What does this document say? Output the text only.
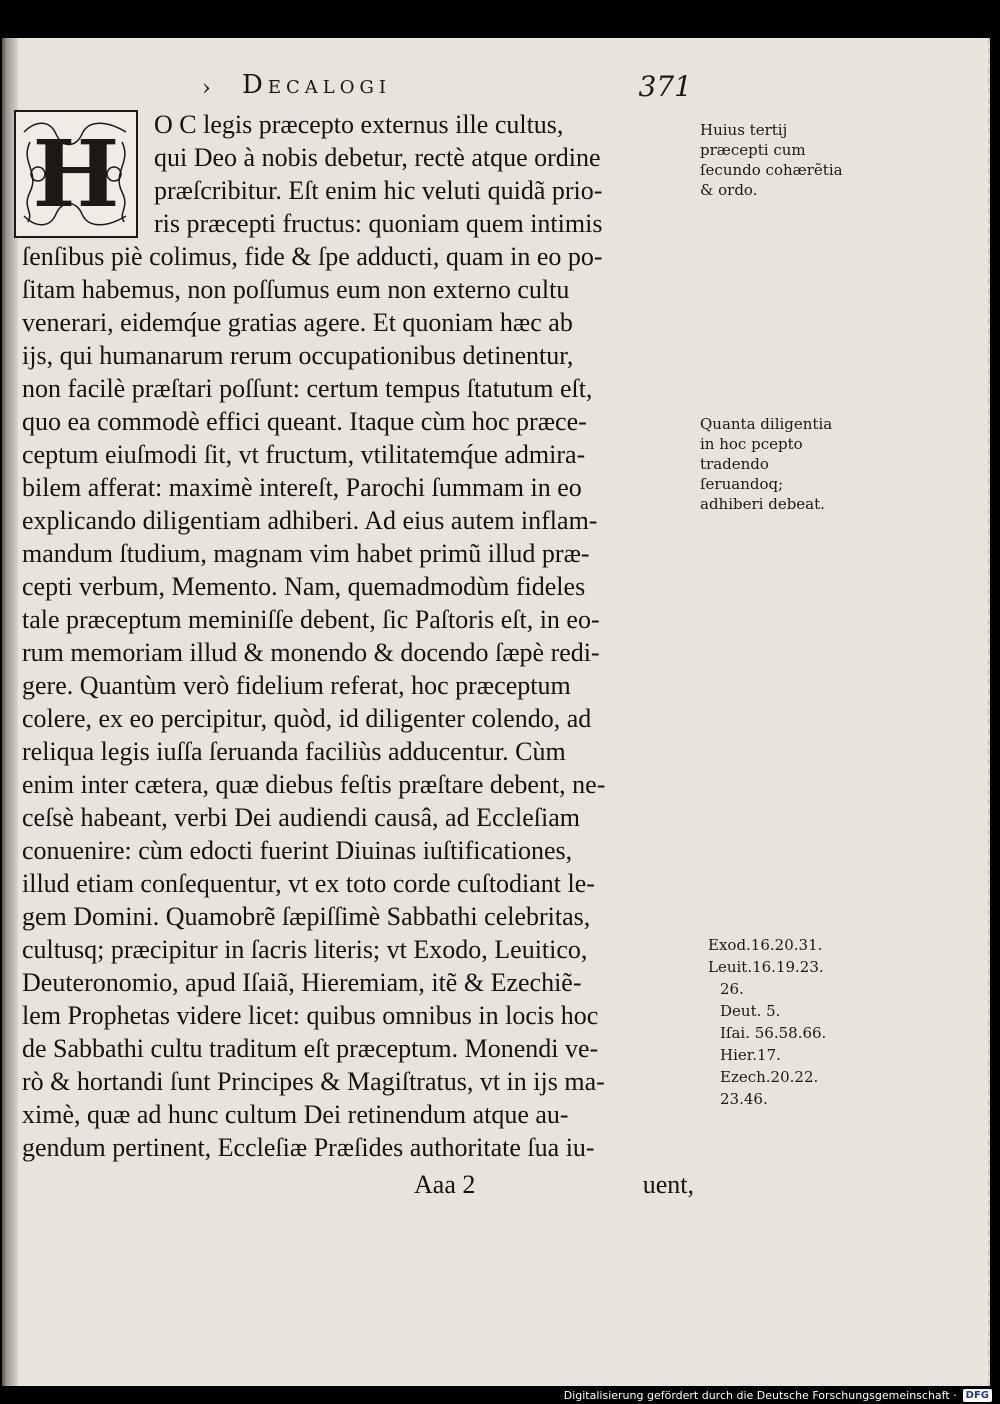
› Decalogi	371
H	O C legis præcepto externus ille cultus,
qui Deo à nobis debetur, rectè atque ordine
præſcribitur. Eſt enim hic veluti quidã prio-
ris præcepti fructus: quoniam quem intimis
ſenſibus piè colimus, fide & ſpe adducti, quam in eo po-
ſitam habemus, non poſſumus eum non externo cultu
venerari, eidemq́ue gratias agere. Et quoniam hæc ab
ijs, qui humanarum rerum occupationibus detinentur,
non facilè præſtari poſſunt: certum tempus ſtatutum eſt,
quo ea commodè effici queant. Itaque cùm hoc præce-
ceptum eiuſmodi ſit, vt fructum, vtilitatemq́ue admira-
bilem afferat: maximè intereſt, Parochi ſummam in eo
explicando diligentiam adhiberi. Ad eius autem inflam-
mandum ſtudium, magnam vim habet primũ illud præ-
cepti verbum, Memento. Nam, quemadmodùm fideles
tale præceptum meminiſſe debent, ſic Paſtoris eſt, in eo-
rum memoriam illud & monendo & docendo ſæpè redi-
gere. Quantùm verò fidelium referat, hoc præceptum
colere, ex eo percipitur, quòd, id diligenter colendo, ad
reliqua legis iuſſa ſeruanda faciliùs adducentur. Cùm
enim inter cætera, quæ diebus feſtis præſtare debent, ne-
ceſsè habeant, verbi Dei audiendi causâ, ad Eccleſiam
conuenire: cùm edocti fuerint Diuinas iuſtificationes,
illud etiam conſequentur, vt ex toto corde cuſtodiant le-
gem Domini. Quamobrẽ ſæpiſſimè Sabbathi celebritas,
cultusq; præcipitur in ſacris literis; vt Exodo, Leuitico,
Deuteronomio, apud Iſaiã, Hieremiam, itẽ & Ezechiẽ-
lem Prophetas videre licet: quibus omnibus in locis hoc
de Sabbathi cultu traditum eſt præceptum. Monendi ve-
rò & hortandi ſunt Principes & Magiſtratus, vt in ijs ma-
ximè, quæ ad hunc cultum Dei retinendum atque au-
gendum pertinent, Eccleſiæ Præſides authoritate ſua iu-
Huius tertij præcepti cum ſecundo cohærẽtia & ordo.
Quanta diligentia in hoc pcepto tradendo ſeruandoq; adhiberi debeat.
Exod.16.20.31.
Leuit.16.19.23.
26.
Deut. 5.
Iſai. 56.58.66.
Hier.17.
Ezech.20.22.
23.46.
Aaa 2	uent,
Digitalisierung gefördert durch die Deutsche Forschungsgemeinschaft · DFG
